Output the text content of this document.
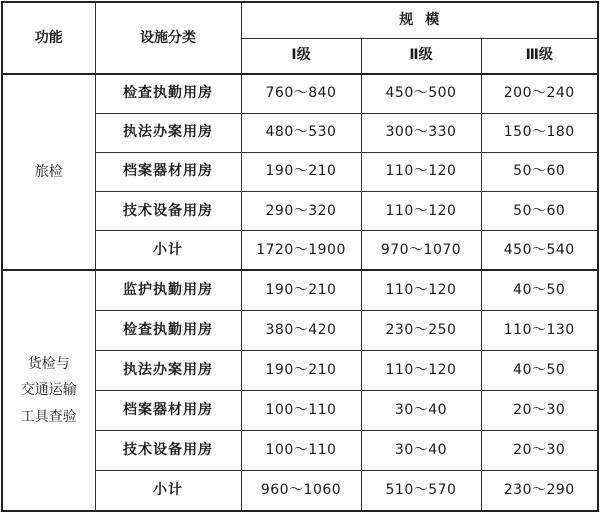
功能	设施分类	规模		
		Ⅰ级	Ⅱ级	Ⅲ级
旅检	检查执勤用房	760～840	450～500	200～240
	执法办案用房	480～530	300～330	150～180
	档案器材用房	190～210	110～120	50～60
	技术设备用房	290～320	110～120	50～60
	小计	1720～1900	970～1070	450～540

货检与
交通运输
工具查验	监护执勤用房	190～210	110～120	40～50
	检查执勤用房	380～420	230～250	110～130
	执法办案用房	190～210	110～120	40～50
	档案器材用房	100～110	30～40	20～30
	技术设备用房	100～110	30～40	20～30
	小计	960～1060	510～570	230～290
